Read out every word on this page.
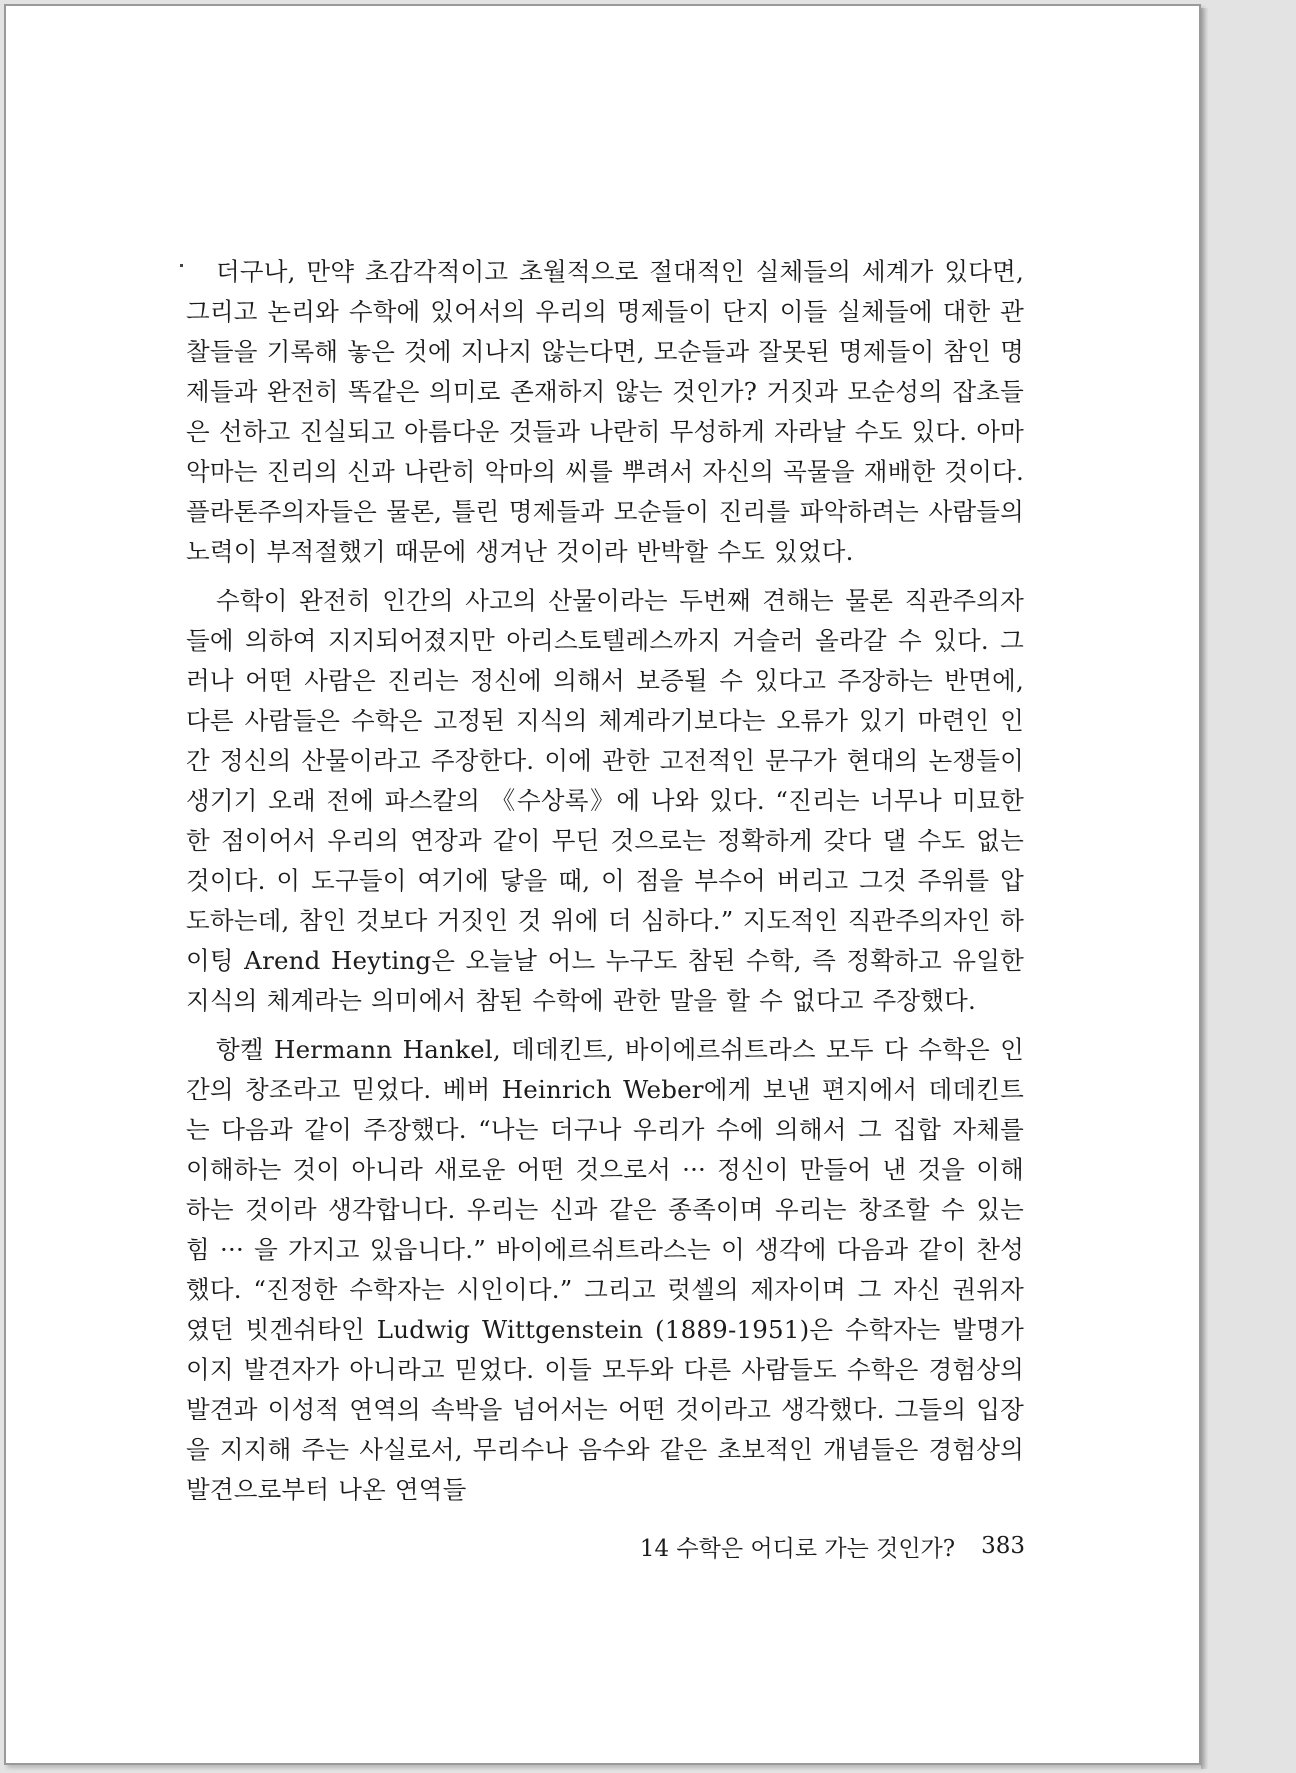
더구나, 만약 초감각적이고 초월적으로 절대적인 실체들의 세계가 있다면, 그리고 논리와 수학에 있어서의 우리의 명제들이 단지 이들 실체들에 대한 관찰들을 기록해 놓은 것에 지나지 않는다면, 모순들과 잘못된 명제들이 참인 명제들과 완전히 똑같은 의미로 존재하지 않는 것인가? 거짓과 모순성의 잡초들은 선하고 진실되고 아름다운 것들과 나란히 무성하게 자라날 수도 있다. 아마 악마는 진리의 신과 나란히 악마의 씨를 뿌려서 자신의 곡물을 재배한 것이다. 플라톤주의자들은 물론, 틀린 명제들과 모순들이 진리를 파악하려는 사람들의 노력이 부적절했기 때문에 생겨난 것이라 반박할 수도 있었다.

수학이 완전히 인간의 사고의 산물이라는 두번째 견해는 물론 직관주의자들에 의하여 지지되어졌지만 아리스토텔레스까지 거슬러 올라갈 수 있다. 그러나 어떤 사람은 진리는 정신에 의해서 보증될 수 있다고 주장하는 반면에, 다른 사람들은 수학은 고정된 지식의 체계라기보다는 오류가 있기 마련인 인간 정신의 산물이라고 주장한다. 이에 관한 고전적인 문구가 현대의 논쟁들이 생기기 오래 전에 파스칼의 《수상록》에 나와 있다. “진리는 너무나 미묘한 한 점이어서 우리의 연장과 같이 무딘 것으로는 정확하게 갖다 댈 수도 없는 것이다. 이 도구들이 여기에 닿을 때, 이 점을 부수어 버리고 그것 주위를 압도하는데, 참인 것보다 거짓인 것 위에 더 심하다.” 지도적인 직관주의자인 하이팅 Arend Heyting은 오늘날 어느 누구도 참된 수학, 즉 정확하고 유일한 지식의 체계라는 의미에서 참된 수학에 관한 말을 할 수 없다고 주장했다.

항켈 Hermann Hankel, 데데킨트, 바이에르쉬트라스 모두 다 수학은 인간의 창조라고 믿었다. 베버 Heinrich Weber에게 보낸 편지에서 데데킨트는 다음과 같이 주장했다. “나는 더구나 우리가 수에 의해서 그 집합 자체를 이해하는 것이 아니라 새로운 어떤 것으로서 ··· 정신이 만들어 낸 것을 이해하는 것이라 생각합니다. 우리는 신과 같은 종족이며 우리는 창조할 수 있는 힘 ··· 을 가지고 있읍니다.” 바이에르쉬트라스는 이 생각에 다음과 같이 찬성했다. “진정한 수학자는 시인이다.” 그리고 럿셀의 제자이며 그 자신 권위자였던 빗겐쉬타인 Ludwig Wittgenstein (1889-1951)은 수학자는 발명가이지 발견자가 아니라고 믿었다. 이들 모두와 다른 사람들도 수학은 경험상의 발견과 이성적 연역의 속박을 넘어서는 어떤 것이라고 생각했다. 그들의 입장을 지지해 주는 사실로서, 무리수나 음수와 같은 초보적인 개념들은 경험상의 발견으로부터 나온 연역들

14 수학은 어디로 가는 것인가? 383
